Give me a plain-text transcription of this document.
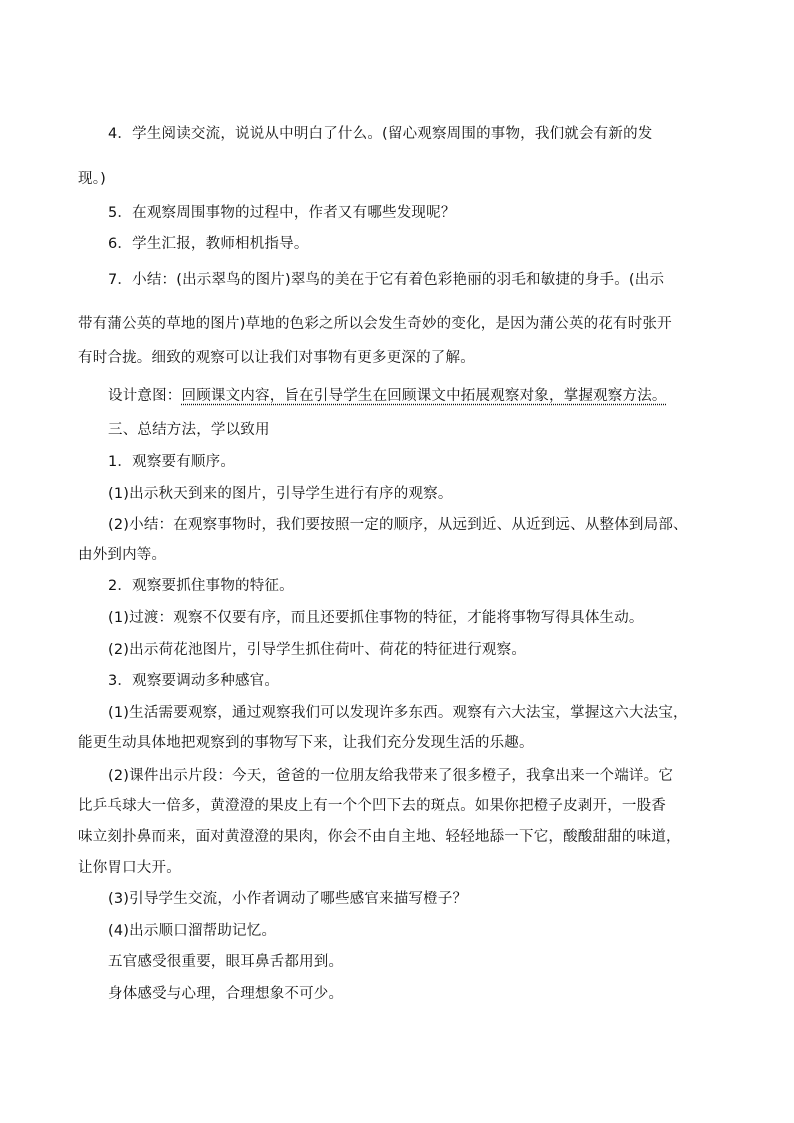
4．学生阅读交流，说说从中明白了什么。(留心观察周围的事物，我们就会有新的发
现。)
5．在观察周围事物的过程中，作者又有哪些发现呢？
6．学生汇报，教师相机指导。
7．小结：(出示翠鸟的图片)翠鸟的美在于它有着色彩艳丽的羽毛和敏捷的身手。(出示
带有蒲公英的草地的图片)草地的色彩之所以会发生奇妙的变化，是因为蒲公英的花有时张开
有时合拢。细致的观察可以让我们对事物有更多更深的了解。
设计意图：回顾课文内容，旨在引导学生在回顾课文中拓展观察对象，掌握观察方法。
三、总结方法，学以致用
1．观察要有顺序。
(1)出示秋天到来的图片，引导学生进行有序的观察。
(2)小结：在观察事物时，我们要按照一定的顺序，从远到近、从近到远、从整体到局部、
由外到内等。
2．观察要抓住事物的特征。
(1)过渡：观察不仅要有序，而且还要抓住事物的特征，才能将事物写得具体生动。
(2)出示荷花池图片，引导学生抓住荷叶、荷花的特征进行观察。
3．观察要调动多种感官。
(1)生活需要观察，通过观察我们可以发现许多东西。观察有六大法宝，掌握这六大法宝，
能更生动具体地把观察到的事物写下来，让我们充分发现生活的乐趣。
(2)课件出示片段：今天，爸爸的一位朋友给我带来了很多橙子，我拿出来一个端详。它
比乒乓球大一倍多，黄澄澄的果皮上有一个个凹下去的斑点。如果你把橙子皮剥开，一股香
味立刻扑鼻而来，面对黄澄澄的果肉，你会不由自主地、轻轻地舔一下它，酸酸甜甜的味道，
让你胃口大开。
(3)引导学生交流，小作者调动了哪些感官来描写橙子？
(4)出示顺口溜帮助记忆。
五官感受很重要，眼耳鼻舌都用到。
身体感受与心理，合理想象不可少。
